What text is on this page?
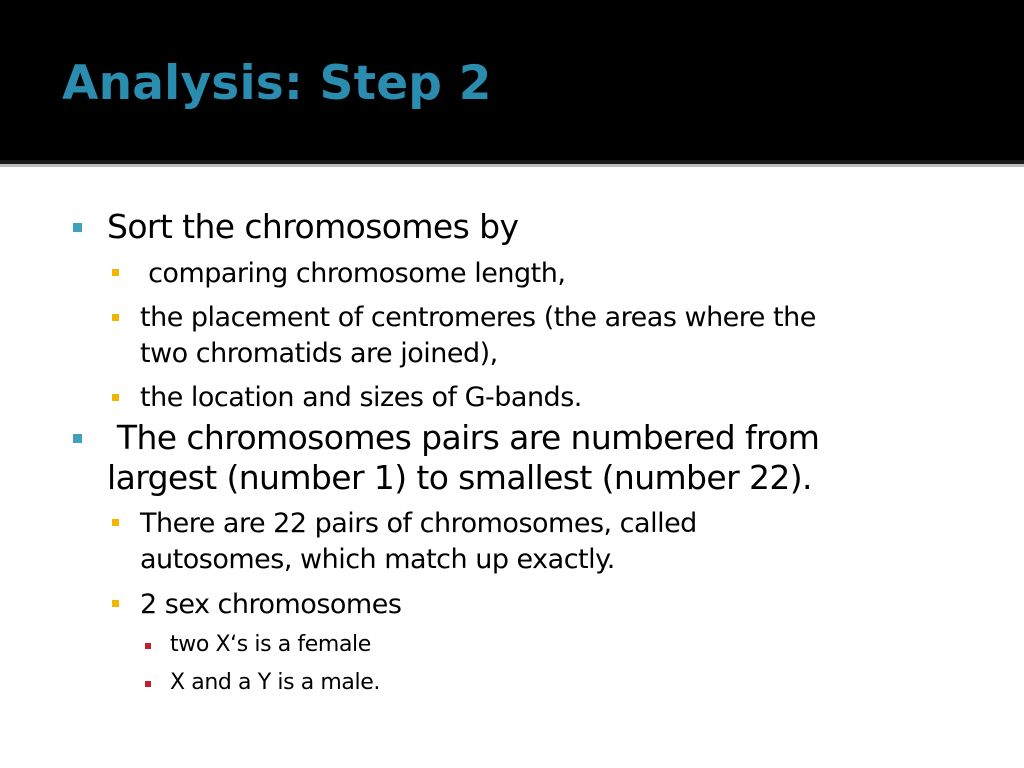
Analysis: Step 2

Sort the chromosomes by

comparing chromosome length,

the placement of centromeres (the areas where the

two chromatids are joined),

the location and sizes of G-bands.

The chromosomes pairs are numbered from

largest (number 1) to smallest (number 22).

There are 22 pairs of chromosomes, called

autosomes, which match up exactly.

2 sex chromosomes

two X‘s is a female

X and a Y is a male.
